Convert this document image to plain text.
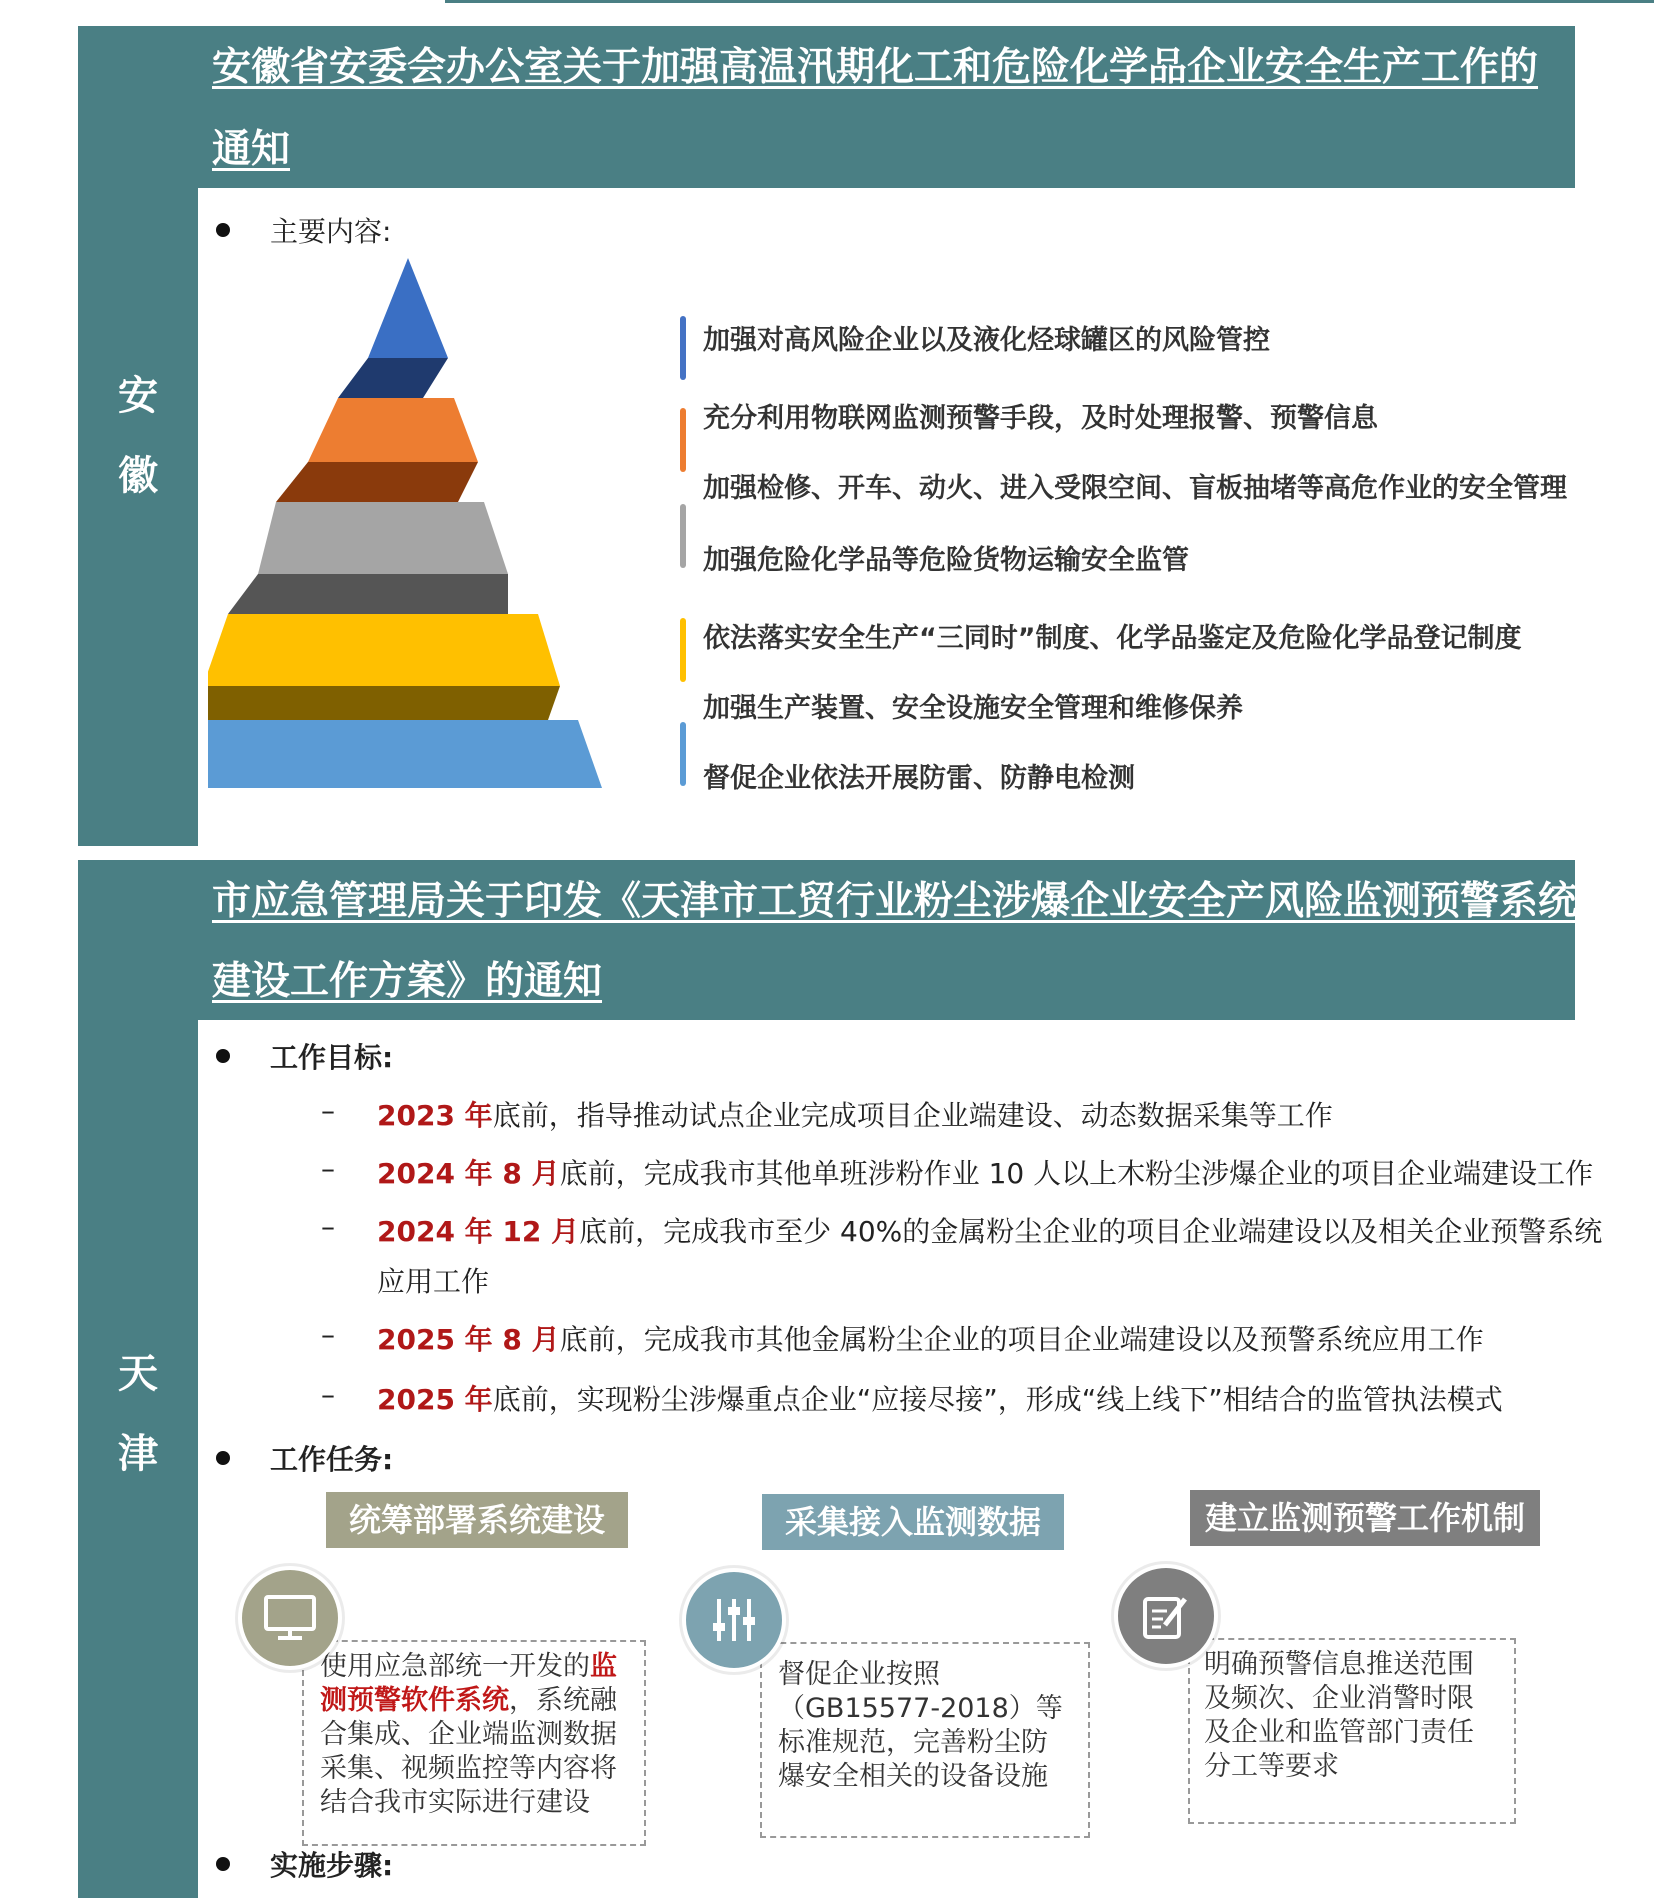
安
徽
安徽省安委会办公室关于加强高温汛期化工和危险化学品企业安全生产工作的
通知
主要内容:
加强对高风险企业以及液化烃球罐区的风险管控
充分利用物联网监测预警手段，及时处理报警、预警信息
加强检修、开车、动火、进入受限空间、盲板抽堵等高危作业的安全管理
加强危险化学品等危险货物运输安全监管
依法落实安全生产“三同时”制度、化学品鉴定及危险化学品登记制度
加强生产装置、安全设施安全管理和维修保养
督促企业依法开展防雷、防静电检测
天
津
市应急管理局关于印发《天津市工贸行业粉尘涉爆企业安全产风险监测预警系统
建设工作方案》的通知
工作目标:
– 2023 年底前，指导推动试点企业完成项目企业端建设、动态数据采集等工作
– 2024 年 8 月底前，完成我市其他单班涉粉作业 10 人以上木粉尘涉爆企业的项目企业端建设工作
– 2024 年 12 月底前，完成我市至少 40%的金属粉尘企业的项目企业端建设以及相关企业预警系统
应用工作
– 2025 年 8 月底前，完成我市其他金属粉尘企业的项目企业端建设以及预警系统应用工作
– 2025 年底前，实现粉尘涉爆重点企业“应接尽接”，形成“线上线下”相结合的监管执法模式
工作任务:
统筹部署系统建设
使用应急部统一开发的监测预警软件系统，系统融合集成、企业端监测数据采集、视频监控等内容将结合我市实际进行建设
采集接入监测数据
督促企业按照（GB15577-2018）等标准规范，完善粉尘防爆安全相关的设备设施
建立监测预警工作机制
明确预警信息推送范围及频次、企业消警时限及企业和监管部门责任分工等要求
实施步骤:
